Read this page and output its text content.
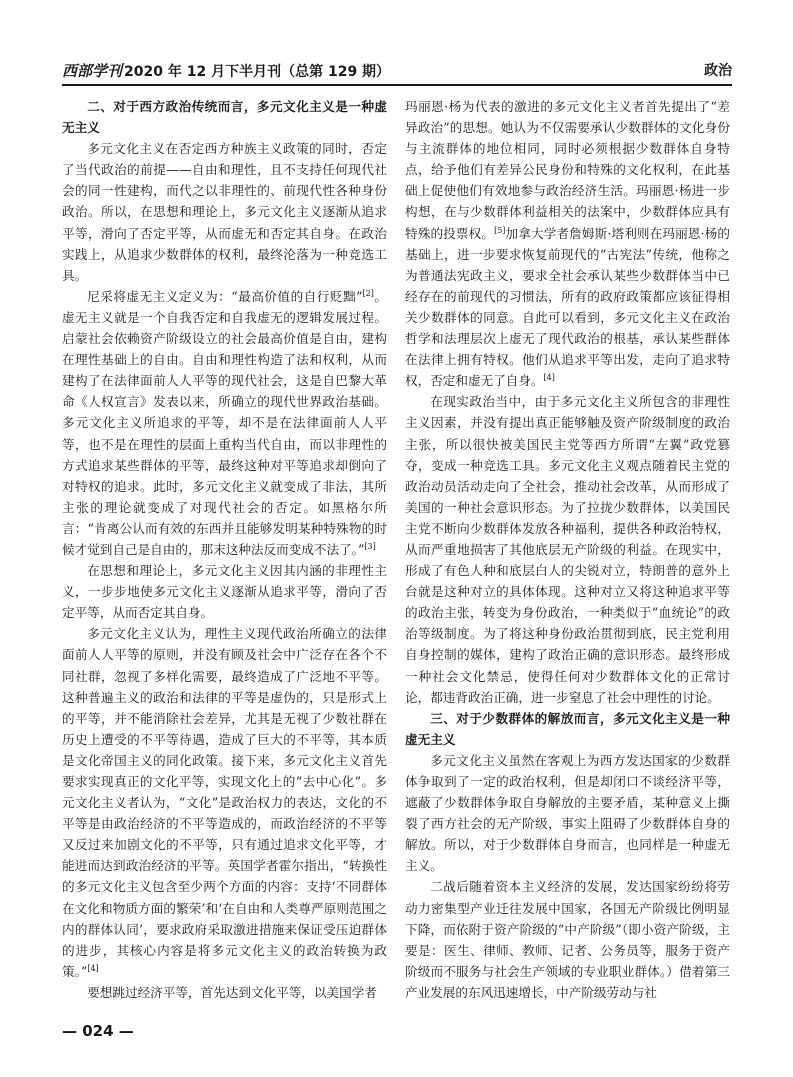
西部学刊 2020 年 12 月下半月刊（总第 129 期）	政治
二、对于西方政治传统而言，多元文化主义是一种虚无主义

多元文化主义在否定西方种族主义政策的同时，否定了当代政治的前提——自由和理性，且不支持任何现代社会的同一性建构，而代之以非理性的、前现代性各种身份政治。所以，在思想和理论上，多元文化主义逐渐从追求平等，滑向了否定平等，从而虚无和否定其自身。在政治实践上，从追求少数群体的权利，最终沦落为一种竞选工具。

尼采将虚无主义定义为：“最高价值的自行贬黜”[2]。虚无主义就是一个自我否定和自我虚无的逻辑发展过程。启蒙社会依赖资产阶级设立的社会最高价值是自由，建构在理性基础上的自由。自由和理性构造了法和权利，从而建构了在法律面前人人平等的现代社会，这是自巴黎大革命《人权宣言》发表以来，所确立的现代世界政治基础。多元文化主义所追求的平等，却不是在法律面前人人平等，也不是在理性的层面上重构当代自由，而以非理性的方式追求某些群体的平等，最终这种对平等追求却倒向了对特权的追求。此时，多元文化主义就变成了非法，其所主张的理论就变成了对现代社会的否定。如黑格尔所言：“肯离公认而有效的东西并且能够发明某种特殊物的时候才觉到自己是自由的，那末这种法反而变成不法了。”[3]

在思想和理论上，多元文化主义因其内涵的非理性主义，一步步地使多元文化主义逐渐从追求平等，滑向了否定平等，从而否定其自身。

多元文化主义认为，理性主义现代政治所确立的法律面前人人平等的原则，并没有顾及社会中广泛存在各个不同社群，忽视了多样化需要，最终造成了广泛地不平等。这种普遍主义的政治和法律的平等是虚伪的，只是形式上的平等，并不能消除社会差异，尤其是无视了少数社群在历史上遭受的不平等待遇，造成了巨大的不平等，其本质是文化帝国主义的同化政策。接下来，多元文化主义首先要求实现真正的文化平等，实现文化上的“去中心化”。多元文化主义者认为，“文化”是政治权力的表达，文化的不平等是由政治经济的不平等造成的，而政治经济的不平等又反过来加剧文化的不平等，只有通过追求文化平等，才能进而达到政治经济的平等。英国学者霍尔指出，“转换性的多元文化主义包含至少两个方面的内容：支持‘不同群体在文化和物质方面的繁荣’和‘在自由和人类尊严原则范围之内的群体认同’，要求政府采取激进措施来保证受压迫群体的进步，其核心内容是将多元文化主义的政治转换为政策。”[4]

要想跳过经济平等，首先达到文化平等，以美国学者

玛丽恩·杨为代表的激进的多元文化主义者首先提出了“差异政治”的思想。她认为不仅需要承认少数群体的文化身份与主流群体的地位相同，同时必须根据少数群体自身特点，给予他们有差异公民身份和特殊的文化权利，在此基础上促使他们有效地参与政治经济生活。玛丽恩·杨进一步构想，在与少数群体利益相关的法案中，少数群体应具有特殊的投票权。[5]加拿大学者詹姆斯·塔利则在玛丽恩·杨的基础上，进一步要求恢复前现代的“古宪法”传统，他称之为普通法宪政主义，要求全社会承认某些少数群体当中已经存在的前现代的习惯法，所有的政府政策都应该征得相关少数群体的同意。自此可以看到，多元文化主义在政治哲学和法理层次上虚无了现代政治的根基，承认某些群体在法律上拥有特权。他们从追求平等出发，走向了追求特权，否定和虚无了自身。[4]

在现实政治当中，由于多元文化主义所包含的非理性主义因素，并没有提出真正能够触及资产阶级制度的政治主张，所以很快被美国民主党等西方所谓“左翼”政党篡夺，变成一种竞选工具。多元文化主义观点随着民主党的政治动员活动走向了全社会，推动社会改革，从而形成了美国的一种社会意识形态。为了拉拢少数群体，以美国民主党不断向少数群体发放各种福利，提供各种政治特权，从而严重地损害了其他底层无产阶级的利益。在现实中，形成了有色人种和底层白人的尖锐对立，特朗普的意外上台就是这种对立的具体体现。这种对立又将这种追求平等的政治主张，转变为身份政治，一种类似于“血统论”的政治等级制度。为了将这种身份政治贯彻到底，民主党利用自身控制的媒体，建构了政治正确的意识形态。最终形成一种社会文化禁忌，使得任何对少数群体文化的正常讨论，都违背政治正确，进一步窒息了社会中理性的讨论。

三、对于少数群体的解放而言，多元文化主义是一种虚无主义

多元文化主义虽然在客观上为西方发达国家的少数群体争取到了一定的政治权利，但是却闭口不谈经济平等，遮蔽了少数群体争取自身解放的主要矛盾，某种意义上撕裂了西方社会的无产阶级，事实上阻碍了少数群体自身的解放。所以，对于少数群体自身而言，也同样是一种虚无主义。

二战后随着资本主义经济的发展，发达国家纷纷将劳动力密集型产业迁往发展中国家，各国无产阶级比例明显下降，而依附于资产阶级的“中产阶级”（即小资产阶级，主要是：医生、律师、教师、记者、公务员等，服务于资产阶级而不服务与社会生产领域的专业职业群体。）借着第三产业发展的东风迅速增长，中产阶级劳动与社

— 024 —
